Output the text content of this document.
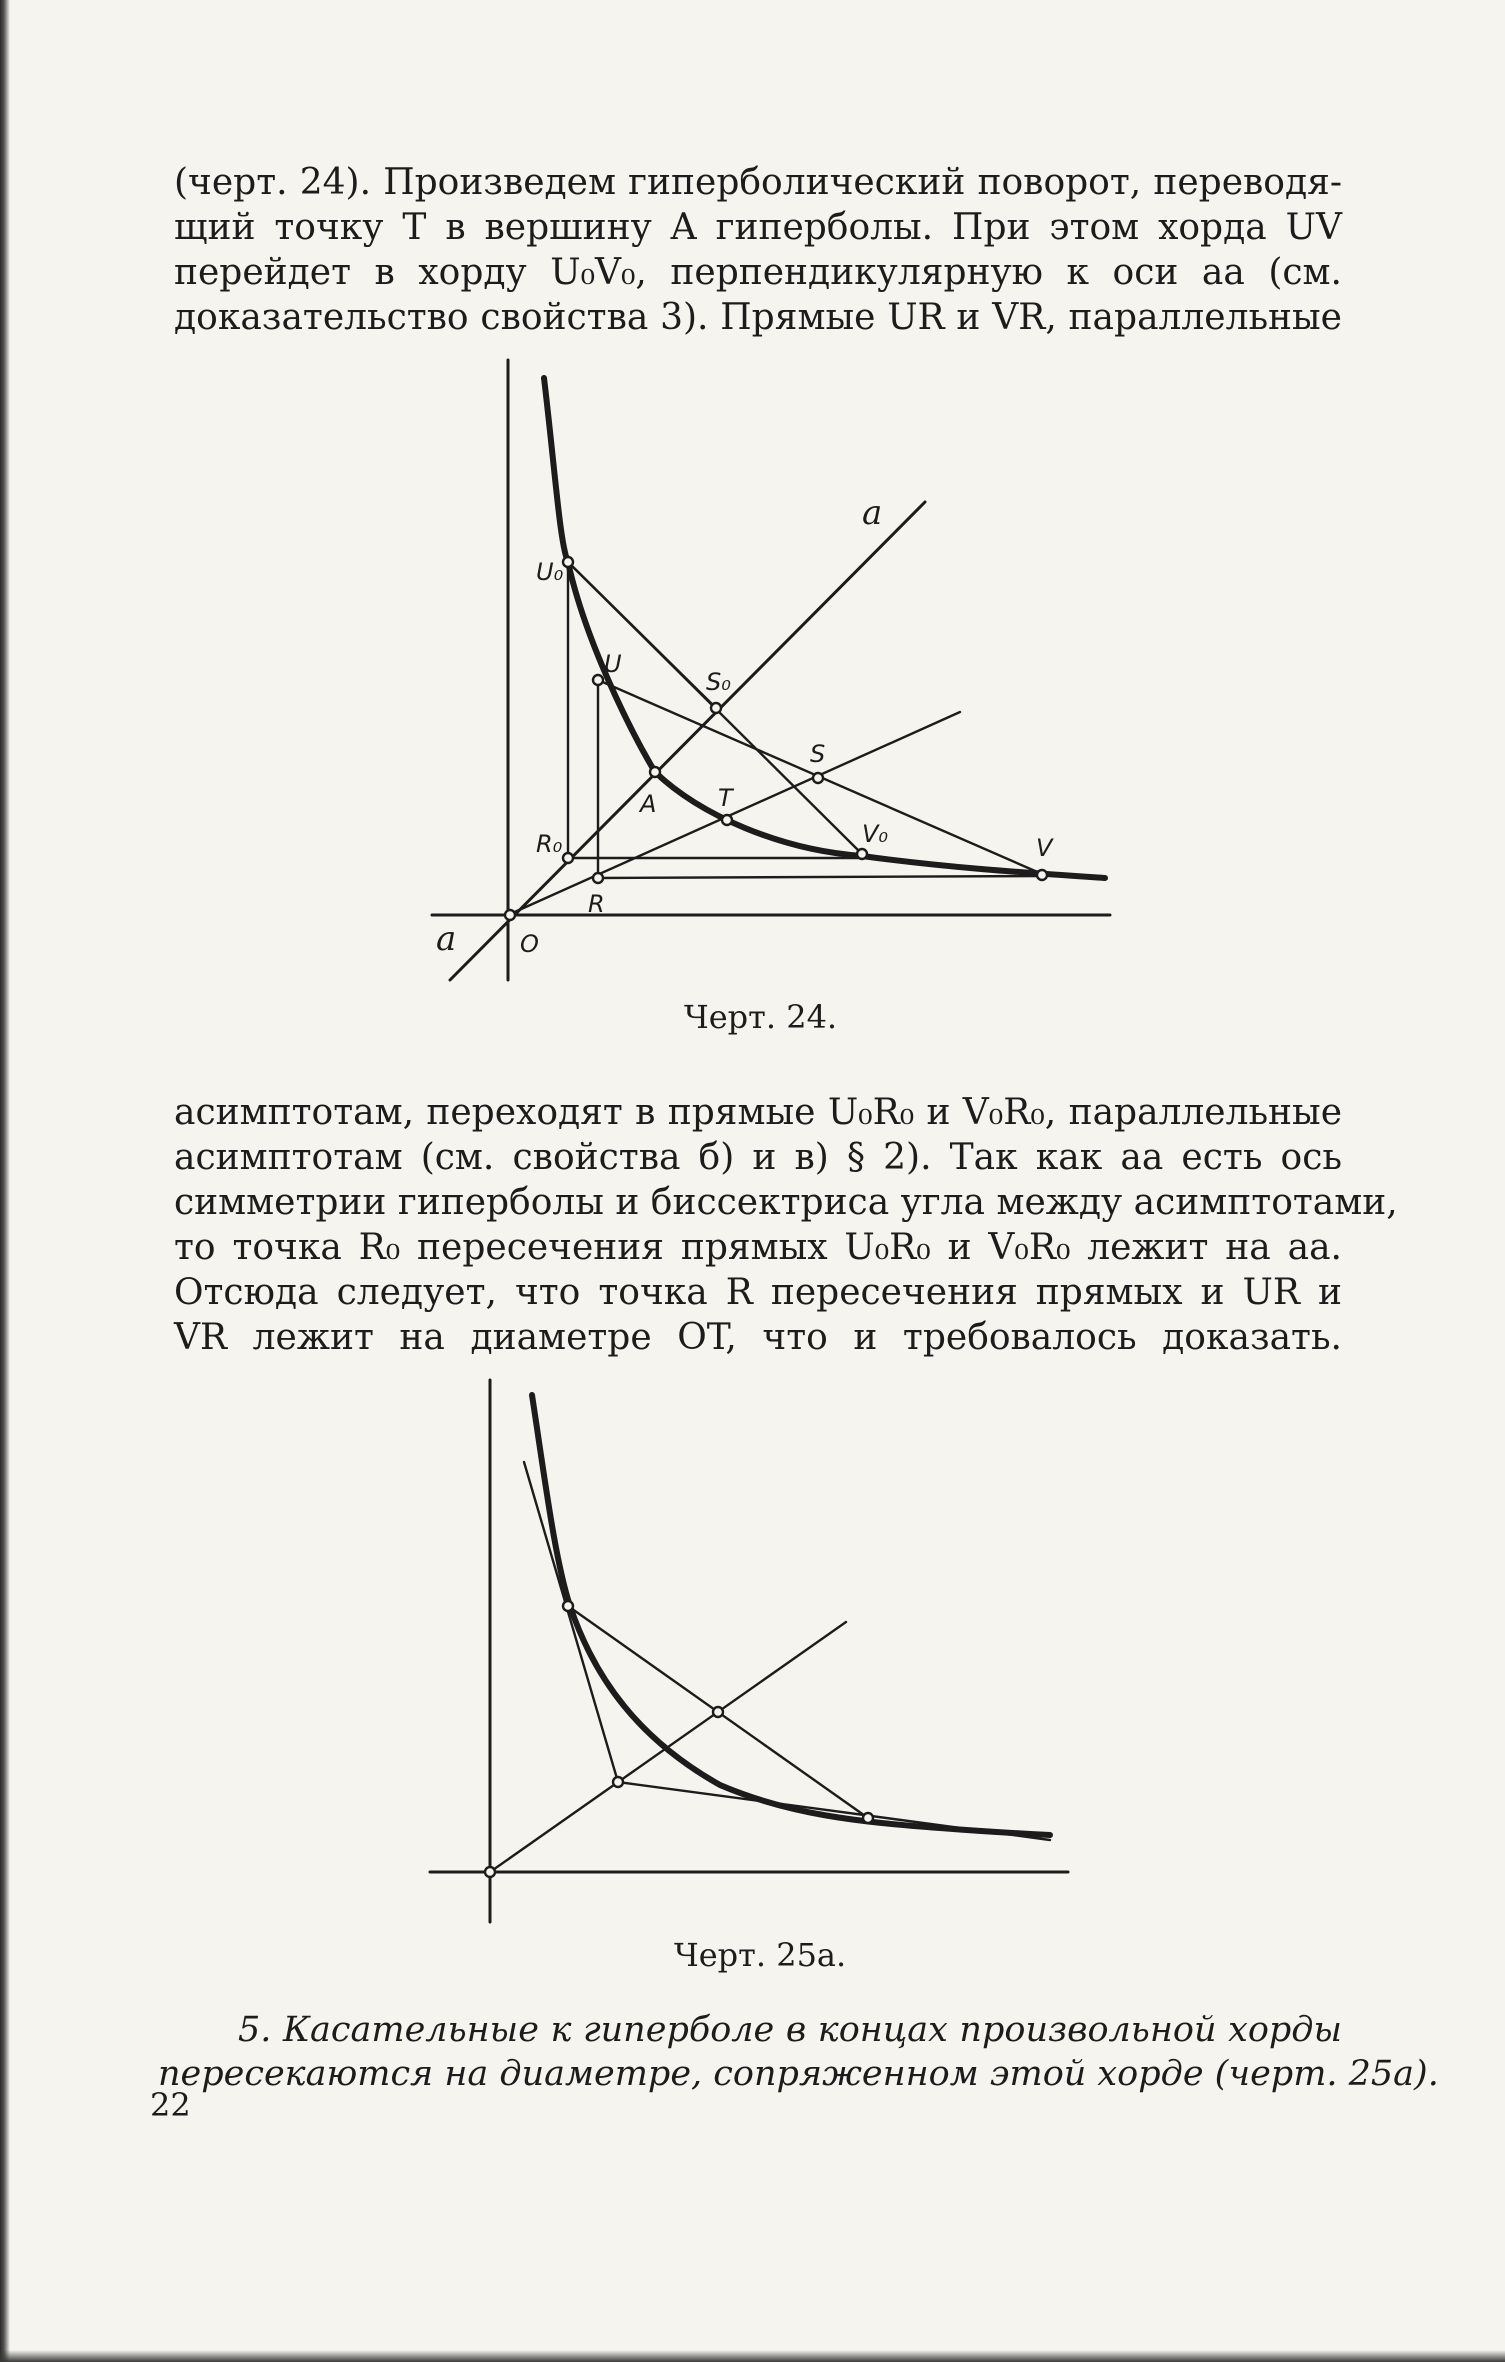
(черт. 24). Произведем гиперболический поворот, переводя-
щий точку T в вершину A гиперболы. При этом хорда UV
перейдет в хорду U₀V₀, перпендикулярную к оси aa (см.
доказательство свойства 3). Прямые UR и VR, параллельные
U₀
U
S₀
S
A	T
R₀	V₀	V
R
O
a
a

Черт. 24.

асимптотам, переходят в прямые U₀R₀ и V₀R₀, параллельные
асимптотам (см. свойства б) и в) § 2). Так как aa есть ось
симметрии гиперболы и биссектриса угла между асимптотами,
то точка R₀ пересечения прямых U₀R₀ и V₀R₀ лежит на aa.
Отсюда следует, что точка R пересечения прямых и UR и
VR лежит на диаметре OT, что и требовалось доказать.

Черт. 25а.

5. Касательные к гиперболе в концах произвольной хорды
пересекаются на диаметре, сопряженном этой хорде (черт. 25а).
22
